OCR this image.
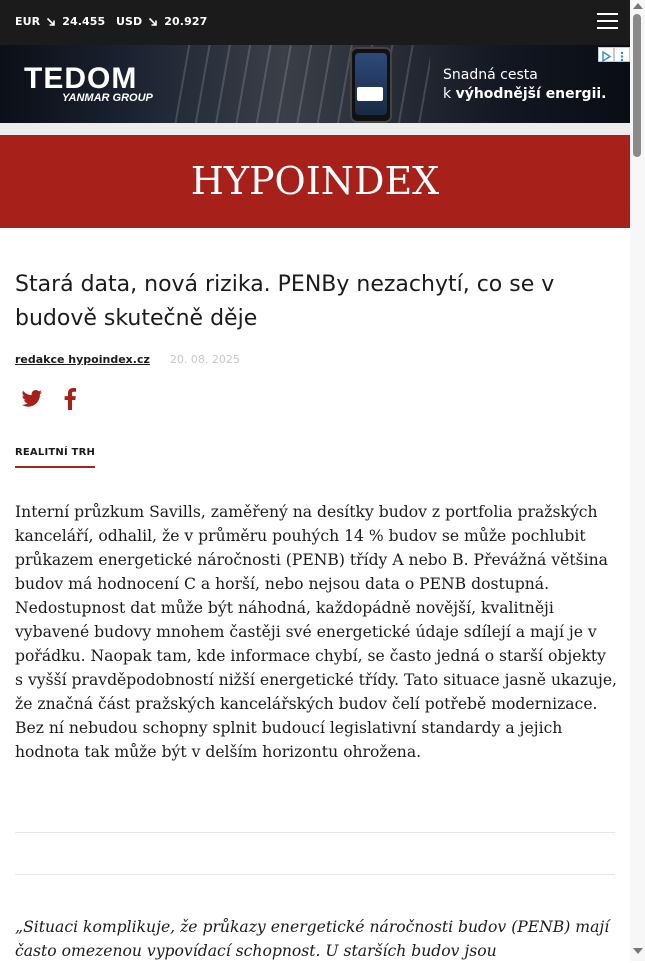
EUR 24.455 USD 20.927
TEDOM
YANMAR GROUP
Snadná cesta
k výhodnější energii.
HYPOINDEX
Stará data, nová rizika. PENBy nezachytí, co se v budově skutečně děje
redakce hypoindex.cz 20. 08. 2025
REALITNÍ TRH

Interní průzkum Savills, zaměřený na desítky budov z portfolia pražských kanceláří, odhalil, že v průměru pouhých 14 % budov se může pochlubit průkazem energetické náročnosti (PENB) třídy A nebo B. Převážná většina budov má hodnocení C a horší, nebo nejsou data o PENB dostupná. Nedostupnost dat může být náhodná, každopádně novější, kvalitněji vybavené budovy mnohem častěji své energetické údaje sdílejí a mají je v pořádku. Naopak tam, kde informace chybí, se často jedná o starší objekty s vyšší pravděpodobností nižší energetické třídy. Tato situace jasně ukazuje, že značná část pražských kancelářských budov čelí potřebě modernizace. Bez ní nebudou schopny splnit budoucí legislativní standardy a jejich hodnota tak může být v delším horizontu ohrožena.

„Situaci komplikuje, že průkazy energetické náročnosti budov (PENB) mají často omezenou vypovídací schopnost. U starších budov jsou
